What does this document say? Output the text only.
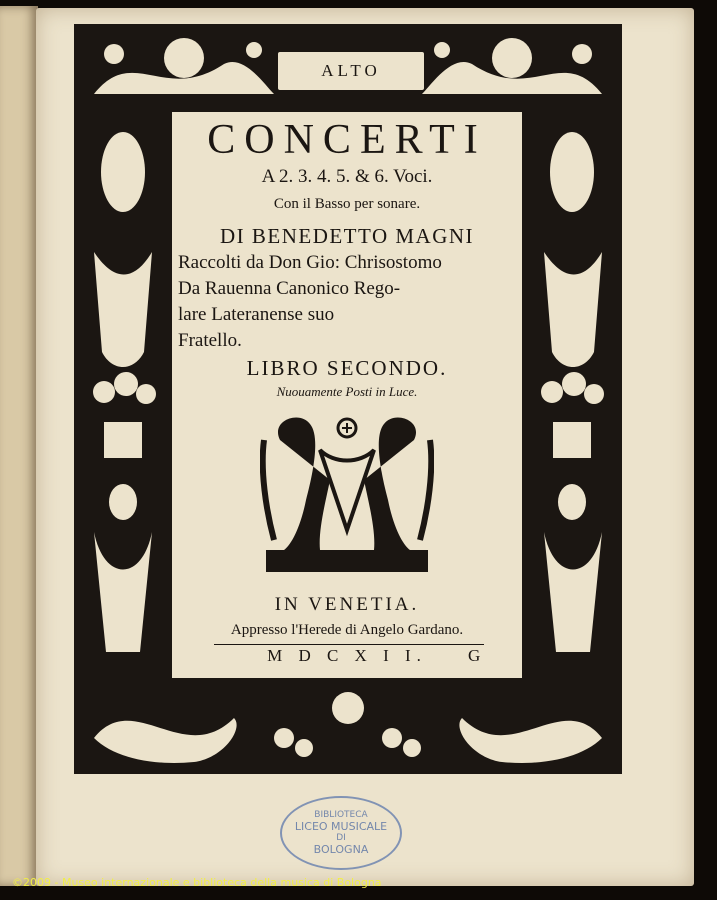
ALTO
CONCERTI
A 2. 3. 4. 5. & 6. Voci.
Con il Basso per sonare.
DI BENEDETTO MAGNI
Raccolti da Don Gio: Chrisostomo
Da Rauenna Canonico Rego-
lare Lateranense suo
Fratello.
LIBRO SECONDO.
Nuouamente Posti in Luce.
IN VENETIA.
Appresso l'Herede di Angelo Gardano.
M D C X I I.	G
BIBLIOTECA
LICEO MUSICALE
DI
BOLOGNA
©2009 - Museo internazionale e biblioteca della musica di Bologna
